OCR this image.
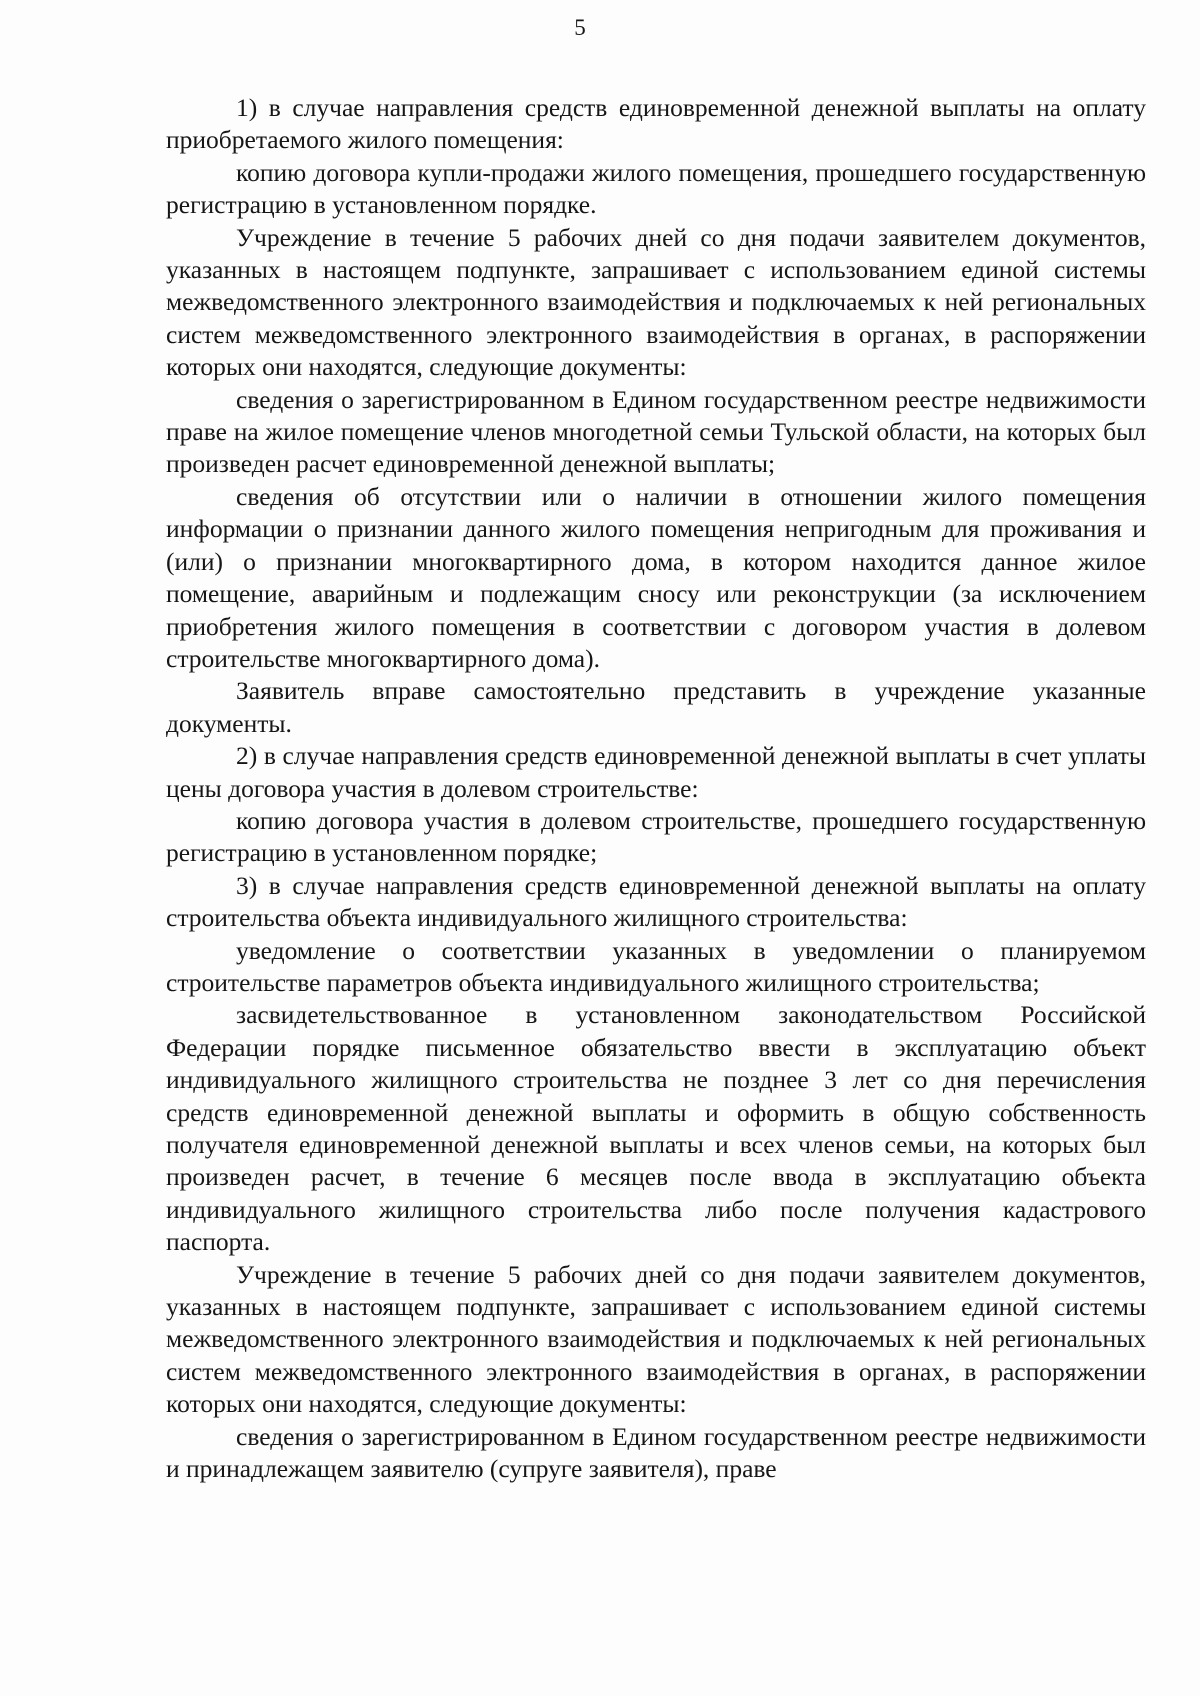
5

1) в случае направления средств единовременной денежной выплаты на оплату приобретаемого жилого помещения:

копию договора купли-продажи жилого помещения, прошедшего государственную регистрацию в установленном порядке.

Учреждение в течение 5 рабочих дней со дня подачи заявителем документов, указанных в настоящем подпункте, запрашивает с использованием единой системы межведомственного электронного взаимодействия и подключаемых к ней региональных систем межведомственного электронного взаимодействия в органах, в распоряжении которых они находятся, следующие документы:

сведения о зарегистрированном в Едином государственном реестре недвижимости праве на жилое помещение членов многодетной семьи Тульской области, на которых был произведен расчет единовременной денежной выплаты;

сведения об отсутствии или о наличии в отношении жилого помещения информации о признании данного жилого помещения непригодным для проживания и (или) о признании многоквартирного дома, в котором находится данное жилое помещение, аварийным и подлежащим сносу или реконструкции (за исключением приобретения жилого помещения в соответствии с договором участия в долевом строительстве многоквартирного дома).

Заявитель вправе самостоятельно представить в учреждение указанные документы.

2) в случае направления средств единовременной денежной выплаты в счет уплаты цены договора участия в долевом строительстве:

копию договора участия в долевом строительстве, прошедшего государственную регистрацию в установленном порядке;

3) в случае направления средств единовременной денежной выплаты на оплату строительства объекта индивидуального жилищного строительства:

уведомление о соответствии указанных в уведомлении о планируемом строительстве параметров объекта индивидуального жилищного строительства;

засвидетельствованное в установленном законодательством Российской Федерации порядке письменное обязательство ввести в эксплуатацию объект индивидуального жилищного строительства не позднее 3 лет со дня перечисления средств единовременной денежной выплаты и оформить в общую собственность получателя единовременной денежной выплаты и всех членов семьи, на которых был произведен расчет, в течение 6 месяцев после ввода в эксплуатацию объекта индивидуального жилищного строительства либо после получения кадастрового паспорта.

Учреждение в течение 5 рабочих дней со дня подачи заявителем документов, указанных в настоящем подпункте, запрашивает с использованием единой системы межведомственного электронного взаимодействия и подключаемых к ней региональных систем межведомственного электронного взаимодействия в органах, в распоряжении которых они находятся, следующие документы:

сведения о зарегистрированном в Едином государственном реестре недвижимости и принадлежащем заявителю (супруге заявителя), праве
